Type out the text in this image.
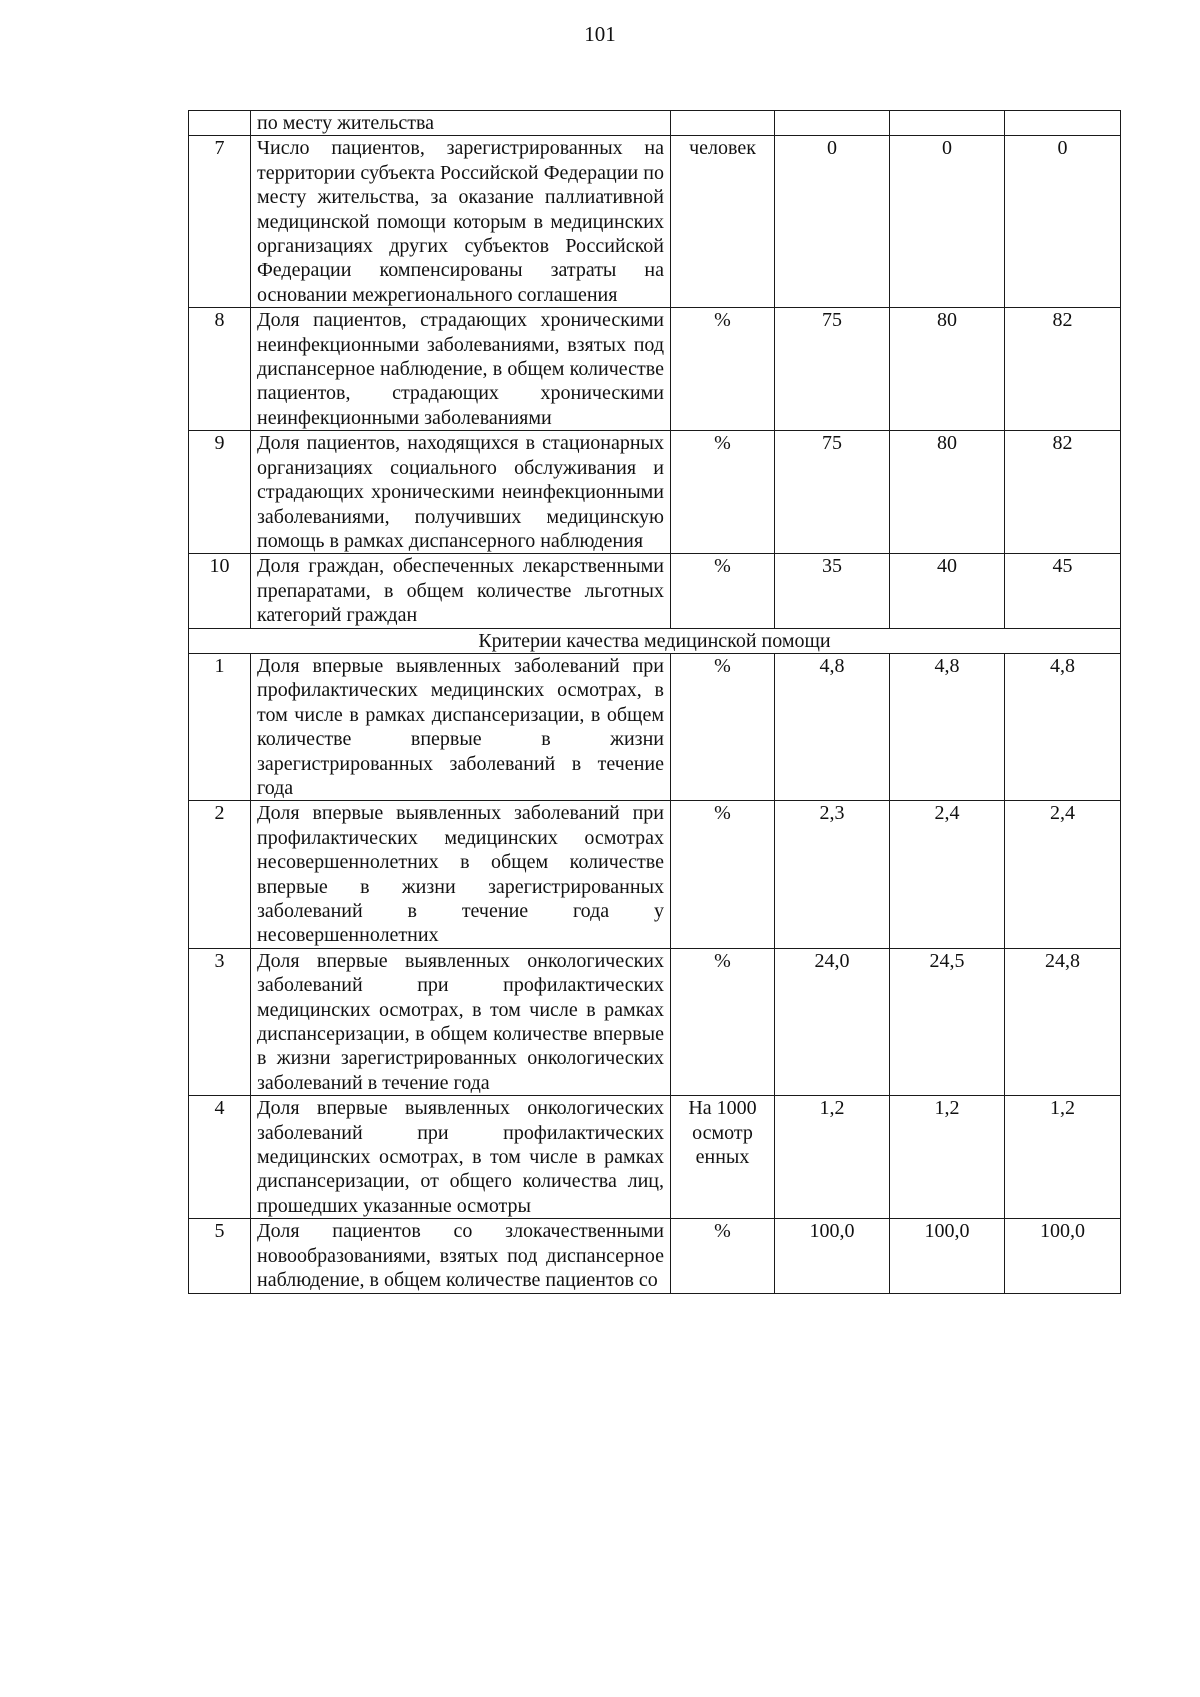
101
	по месту жительства				
7	Число пациентов, зарегистрированных на территории субъекта Российской Федерации по месту жительства, за оказание паллиативной медицинской помощи которым в медицинских организациях других субъектов Российской Федерации компенсированы затраты на основании межрегионального соглашения	человек	0	0	0
8	Доля пациентов, страдающих хроническими неинфекционными заболеваниями, взятых под диспансерное наблюдение, в общем количестве пациентов, страдающих хроническими неинфекционными заболеваниями	%	75	80	82
9	Доля пациентов, находящихся в стационарных организациях социального обслуживания и страдающих хроническими неинфекционными заболеваниями, получивших медицинскую помощь в рамках диспансерного наблюдения	%	75	80	82
10	Доля граждан, обеспеченных лекарственными препаратами, в общем количестве льготных категорий граждан	%	35	40	45
Критерии качества медицинской помощи					
1	Доля впервые выявленных заболеваний при профилактических медицинских осмотрах, в том числе в рамках диспансеризации, в общем количестве впервые в жизни зарегистрированных заболеваний в течение года	%	4,8	4,8	4,8
2	Доля впервые выявленных заболеваний при профилактических медицинских осмотрах несовершеннолетних в общем количестве впервые в жизни зарегистрированных заболеваний в течение года у несовершеннолетних	%	2,3	2,4	2,4
3	Доля впервые выявленных онкологических заболеваний при профилактических медицинских осмотрах, в том числе в рамках диспансеризации, в общем количестве впервые в жизни зарегистрированных онкологических заболеваний в течение года	%	24,0	24,5	24,8
4	Доля впервые выявленных онкологических заболеваний при профилактических медицинских осмотрах, в том числе в рамках диспансеризации, от общего количества лиц, прошедших указанные осмотры	На 1000 осмотр енных	1,2	1,2	1,2
5	Доля пациентов со злокачественными новообразованиями, взятых под диспансерное наблюдение, в общем количестве пациентов со	%	100,0	100,0	100,0
